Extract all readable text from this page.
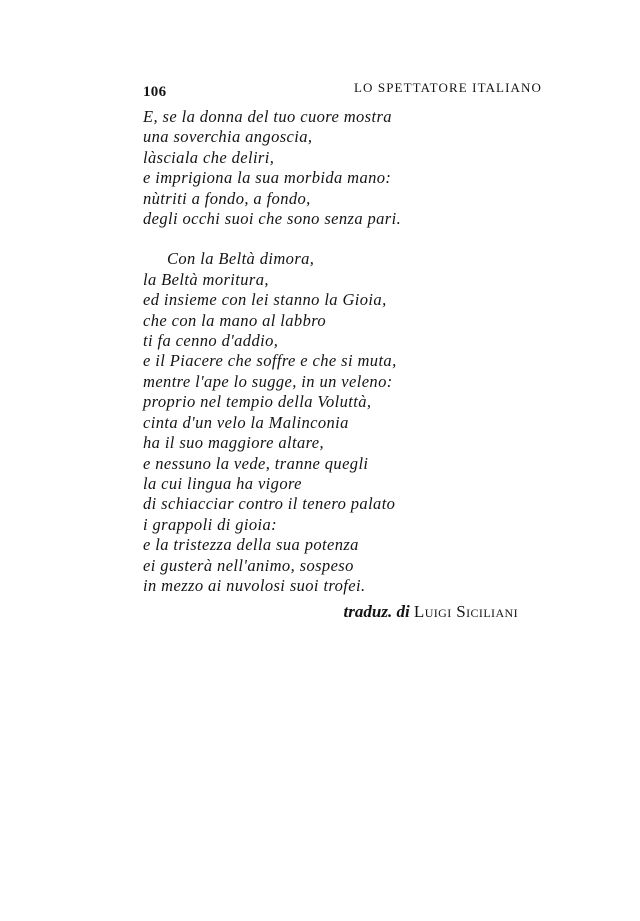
106	LO SPETTATORE ITALIANO
E, se la donna del tuo cuore mostra
una soverchia angoscia,
làsciala che deliri,
e imprigiona la sua morbida mano:
nùtriti a fondo, a fondo,
degli occhi suoi che sono senza pari.
Con la Beltà dimora,
la Beltà moritura,
ed insieme con lei stanno la Gioia,
che con la mano al labbro
ti fa cenno d'addio,
e il Piacere che soffre e che si muta,
mentre l'ape lo sugge, in un veleno:
proprio nel tempio della Voluttà,
cinta d'un velo la Malinconia
ha il suo maggiore altare,
e nessuno la vede, tranne quegli
la cui lingua ha vigore
di schiacciar contro il tenero palato
i grappoli di gioia:
e la tristezza della sua potenza
ei gusterà nell'animo, sospeso
in mezzo ai nuvolosi suoi trofei.
traduz. di Luigi Siciliani
